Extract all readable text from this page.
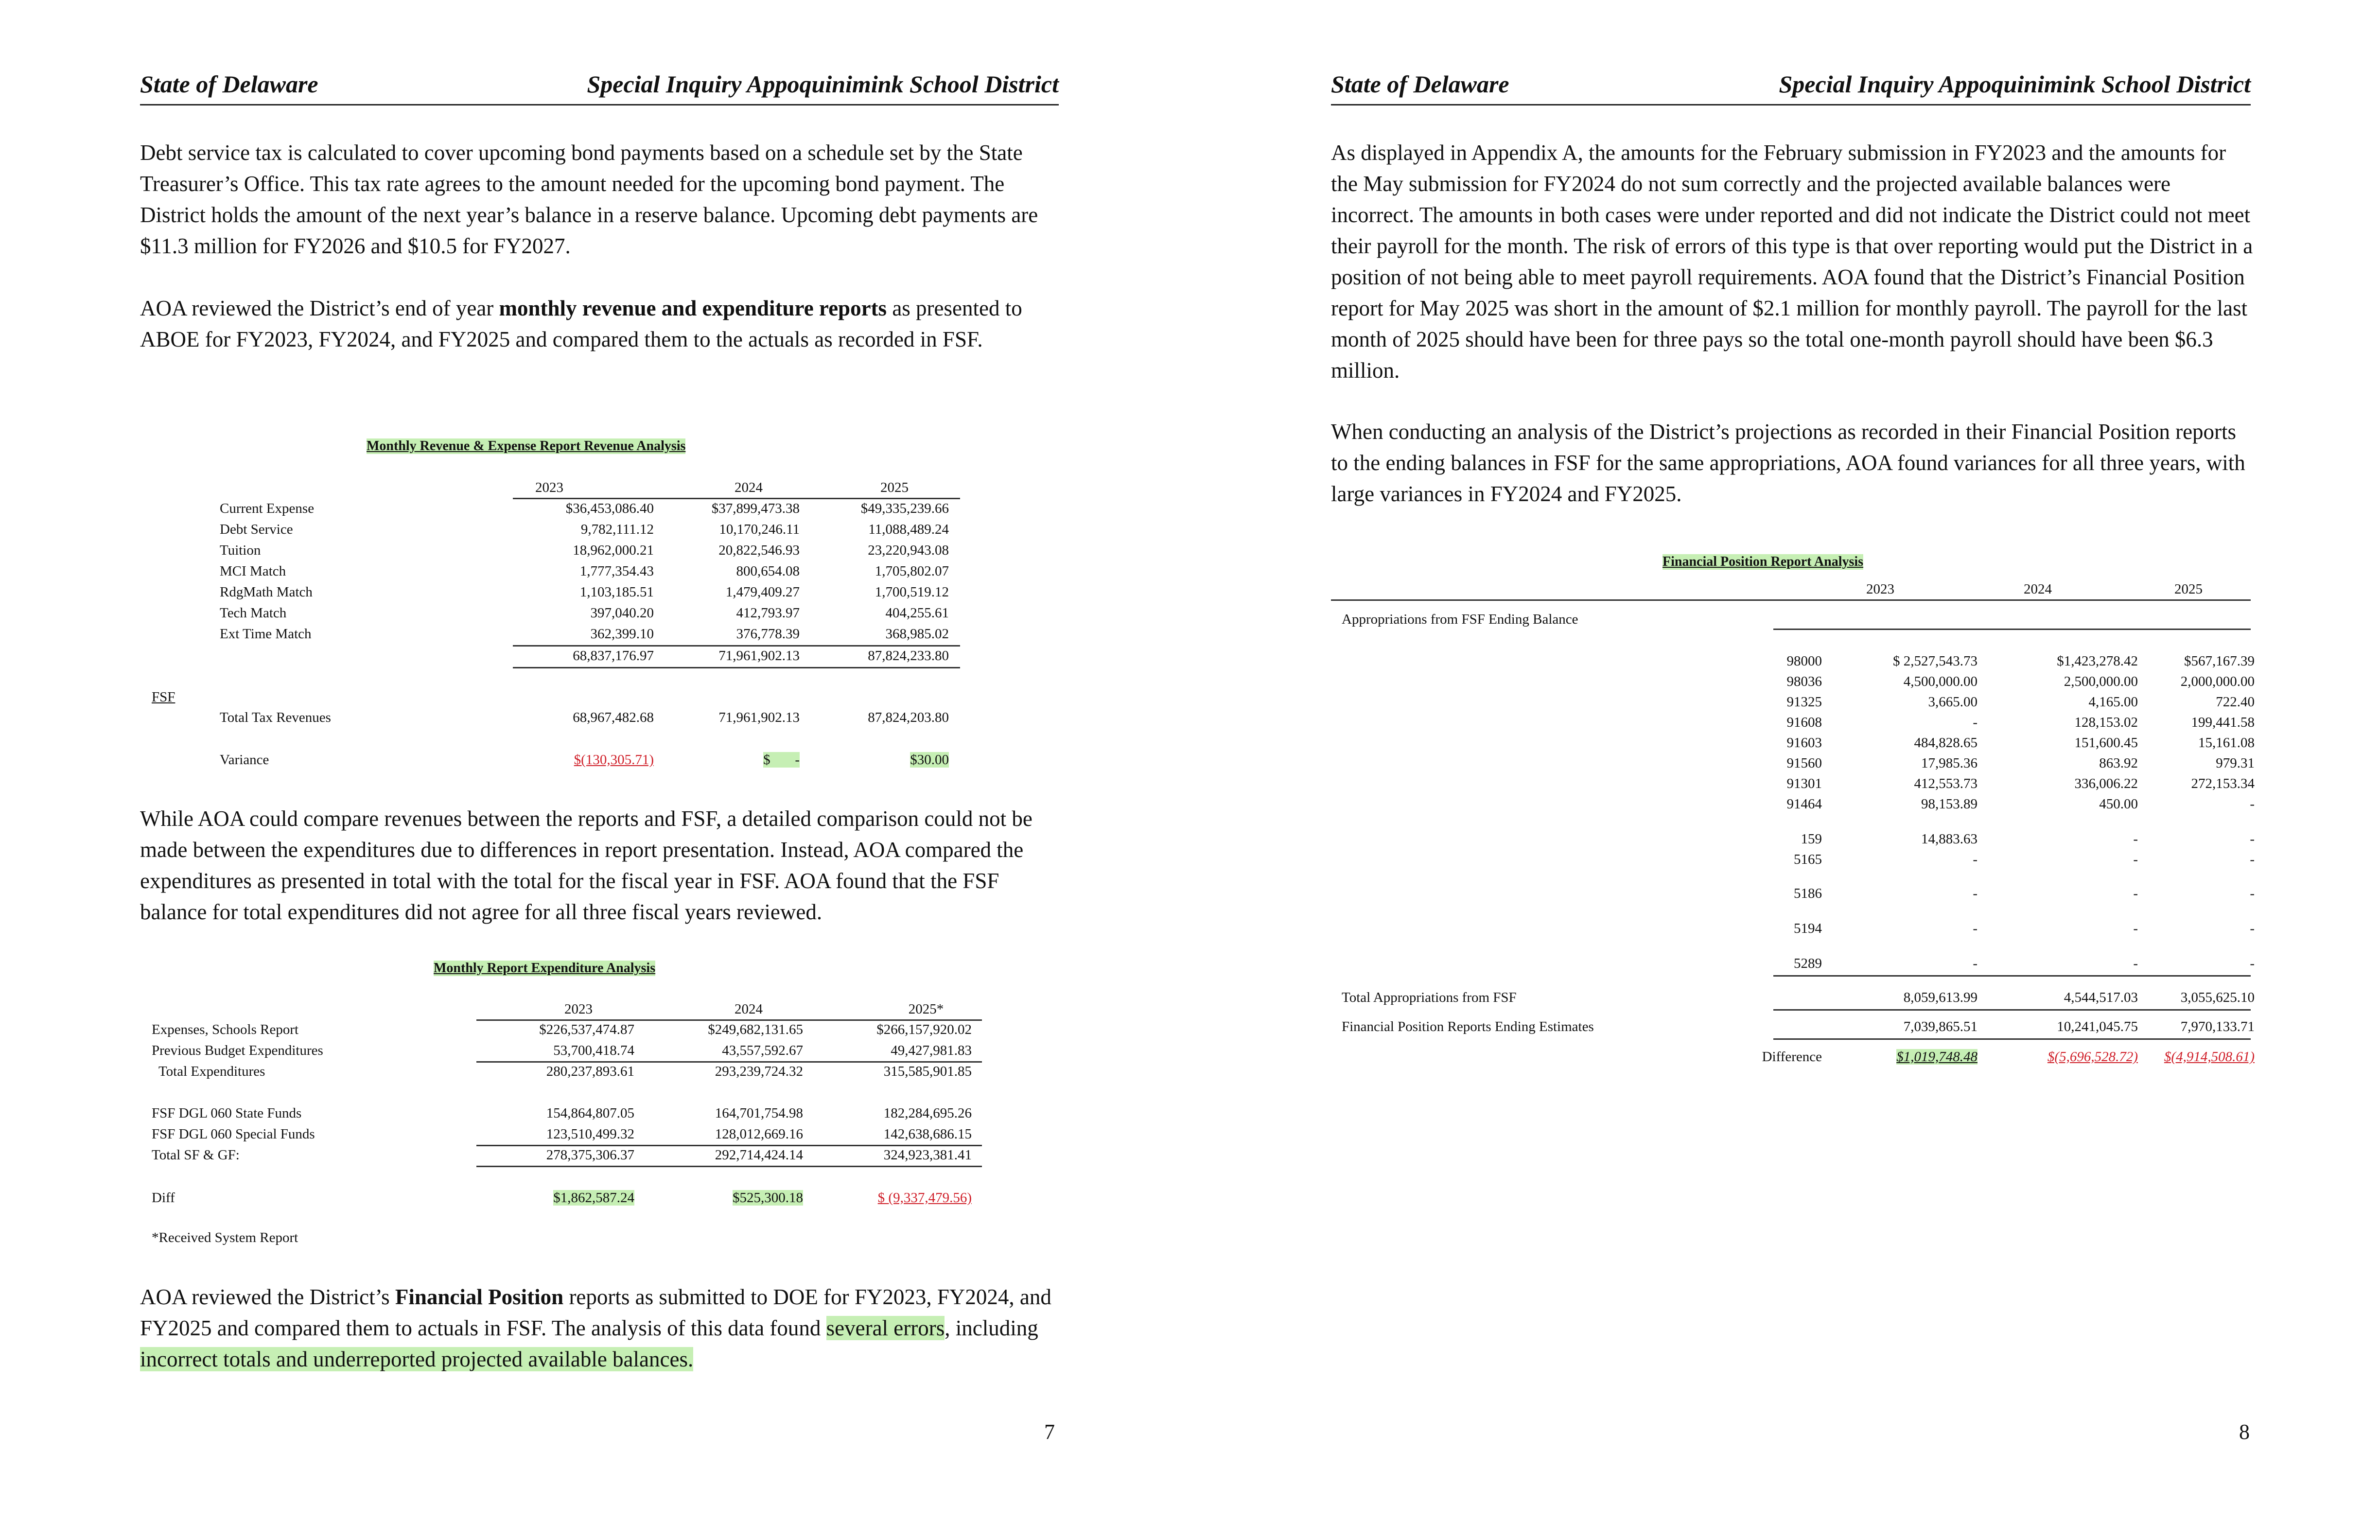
State of Delaware	Special Inquiry Appoquinimink School District

Debt service tax is calculated to cover upcoming bond payments based on a schedule set by the State Treasurer’s Office. This tax rate agrees to the amount needed for the upcoming bond payment. The District holds the amount of the next year’s balance in a reserve balance. Upcoming debt payments are $11.3 million for FY2026 and $10.5 for FY2027.

AOA reviewed the District’s end of year monthly revenue and expenditure reports as presented to ABOE for FY2023, FY2024, and FY2025 and compared them to the actuals as recorded in FSF.

Monthly Revenue & Expense Report Revenue Analysis
2023	2024	2025
Current Expense	$36,453,086.40	$37,899,473.38	$49,335,239.66
Debt Service	9,782,111.12	10,170,246.11	11,088,489.24
Tuition	18,962,000.21	20,822,546.93	23,220,943.08
MCI Match	1,777,354.43	800,654.08	1,705,802.07
RdgMath Match	1,103,185.51	1,479,409.27	1,700,519.12
Tech Match	397,040.20	412,793.97	404,255.61
Ext Time Match	362,399.10	376,778.39	368,985.02
68,837,176.97	71,961,902.13	87,824,233.80
FSF
Total Tax Revenues	68,967,482.68	71,961,902.13	87,824,203.80
Variance	$(130,305.71)	$       -	$30.00

While AOA could compare revenues between the reports and FSF, a detailed comparison could not be made between the expenditures due to differences in report presentation. Instead, AOA compared the expenditures as presented in total with the total for the fiscal year in FSF. AOA found that the FSF balance for total expenditures did not agree for all three fiscal years reviewed.

Monthly Report Expenditure Analysis
2023	2024	2025*
Expenses, Schools Report	$226,537,474.87	$249,682,131.65	$266,157,920.02
Previous Budget Expenditures	53,700,418.74	43,557,592.67	49,427,981.83
Total Expenditures	280,237,893.61	293,239,724.32	315,585,901.85
FSF DGL 060 State Funds	154,864,807.05	164,701,754.98	182,284,695.26
FSF DGL 060 Special Funds	123,510,499.32	128,012,669.16	142,638,686.15
Total SF & GF:	278,375,306.37	292,714,424.14	324,923,381.41
Diff	$1,862,587.24	$525,300.18	$ (9,337,479.56)
*Received System Report

AOA reviewed the District’s Financial Position reports as submitted to DOE for FY2023, FY2024, and FY2025 and compared them to actuals in FSF. The analysis of this data found several errors, including incorrect totals and underreported projected available balances.

7
State of Delaware	Special Inquiry Appoquinimink School District

As displayed in Appendix A, the amounts for the February submission in FY2023 and the amounts for the May submission for FY2024 do not sum correctly and the projected available balances were incorrect. The amounts in both cases were under reported and did not indicate the District could not meet their payroll for the month. The risk of errors of this type is that over reporting would put the District in a position of not being able to meet payroll requirements. AOA found that the District’s Financial Position report for May 2025 was short in the amount of $2.1 million for monthly payroll. The payroll for the last month of 2025 should have been for three pays so the total one-month payroll should have been $6.3 million.

When conducting an analysis of the District’s projections as recorded in their Financial Position reports to the ending balances in FSF for the same appropriations, AOA found variances for all three years, with large variances in FY2024 and FY2025.

Financial Position Report Analysis
2023	2024	2025
Appropriations from FSF Ending Balance
98000	$ 2,527,543.73	$1,423,278.42	$567,167.39
98036	4,500,000.00	2,500,000.00	2,000,000.00
91325	3,665.00	4,165.00	722.40
91608	-	128,153.02	199,441.58
91603	484,828.65	151,600.45	15,161.08
91560	17,985.36	863.92	979.31
91301	412,553.73	336,006.22	272,153.34
91464	98,153.89	450.00	-
159	14,883.63	-	-
5165	-	-	-
5186	-	-	-
5194	-	-	-
5289	-	-	-
Total Appropriations from FSF	8,059,613.99	4,544,517.03	3,055,625.10
Financial Position Reports Ending Estimates	7,039,865.51	10,241,045.75	7,970,133.71
Difference	$1,019,748.48	$(5,696,528.72)	$(4,914,508.61)
8
